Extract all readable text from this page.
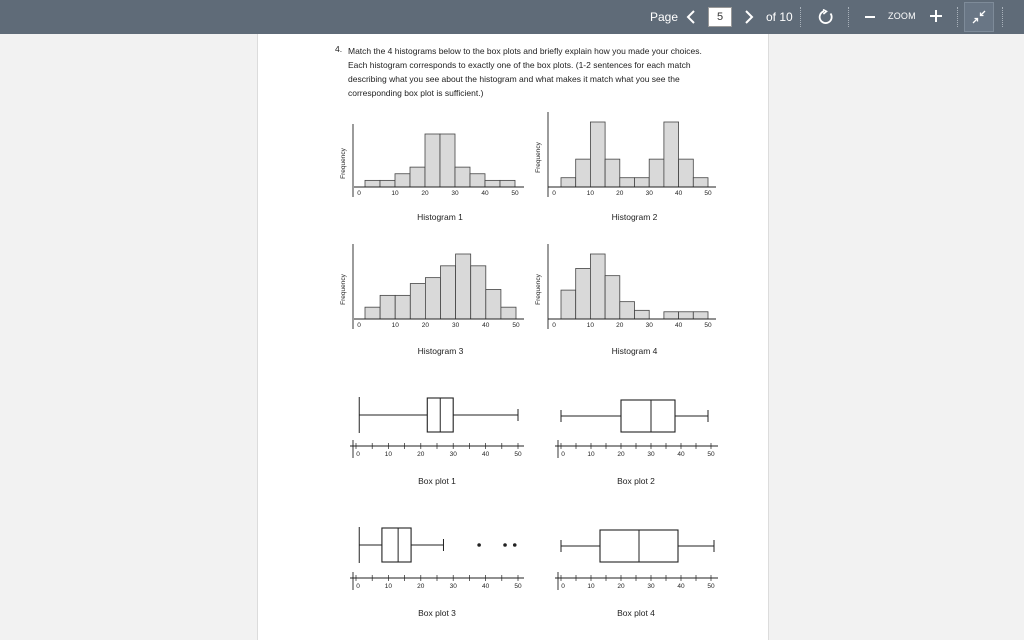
Page
5	of 10	ZOOM
4. Match the 4 histograms below to the box plots and briefly explain how you made your choices. Each histogram corresponds to exactly one of the box plots. (1-2 sentences for each match describing what you see about the histogram and what makes it match what you see the corresponding box plot is sufficient.)
0	10	20	30	40	50
Frequency
Histogram 1
0	10	20	30	40	50
Frequency
Histogram 2
0	10	20	30	40	50
Frequency
Histogram 3
0	10	20	30	40	50
Frequency
Histogram 4
0	10	20	30	40	50
Box plot 1
0	10	20	30	40	50
Box plot 2
0	10	20	30	40	50
Box plot 3
0	10	20	30	40	50
Box plot 4
